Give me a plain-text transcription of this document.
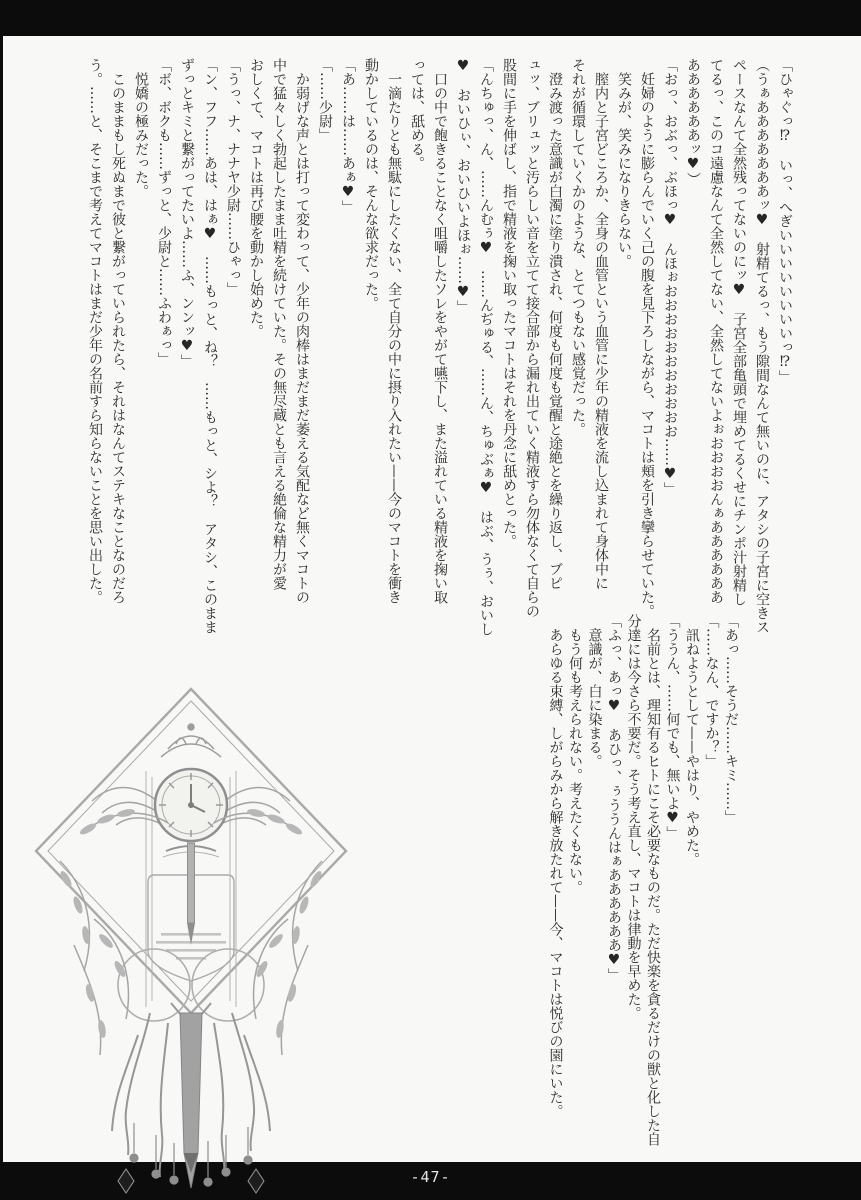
-47-

「ひゃぐっ⁉　いっ、へぎいいいいいいいいっ⁉」

（うぁあああああああッ♥　射精てるっ、もう隙間なんて無いのに、アタシの子宮に空きス

ペースなんて全然残ってないのにッ♥　子宮全部亀頭で埋めてるくせにチンポ汁射精し

てるっ、このコ遠慮なんて全然してない、全然してないよぉおおおおんぁああああああ

ああああああッ♥）

「おっ、おぶっ、ぶほっ♥　んほぉおおおおおおおおおおお……♥」

妊婦のように膨らんでいく己の腹を見下ろしながら、マコトは頬を引き攣らせていた。

笑みが、笑みになりきらない。

膣内と子宮どころか、全身の血管という血管に少年の精液を流し込まれて身体中に

それが循環していくかのような、とてつもない感覚だった。

澄み渡った意識が白濁に塗り潰され、何度も何度も覚醒と途絶とを繰り返し、ブピ

ュッ、ブリュッと汚らしい音を立てて接合部から漏れ出ていく精液すら勿体なくて自らの

股間に手を伸ばし、指で精液を掬い取ったマコトはそれを丹念に舐めとった。

「んちゅっ、ん、……んむぅ♥　……んぢゅる、……ん、ちゅぶぁ♥　はぶ、うぅ、おいし

♥　おいひぃ、おいひいよほぉ……♥」

口の中で飽きることなく咀嚼したソレをやがて嚥下し、また溢れている精液を掬い取

っては、舐める。

一滴たりとも無駄にしたくない、全て自分の中に摂り入れたい——今のマコトを衝き

動かしているのは、そんな欲求だった。

「あ……は……あぁ♥」

「……少尉」

か弱げな声とは打って変わって、少年の肉棒はまだまだ萎える気配など無くマコトの

中で猛々しく勃起したまま吐精を続けていた。その無尽蔵とも言える絶倫な精力が愛

おしくて、マコトは再び腰を動かし始めた。

「うっ、ナ、ナナヤ少尉……ひゃっ」

「ン、フフ……あは、はぁ♥　……もっと、ね？　……もっと、シよ？　アタシ、このまま

ずっとキミと繋がってたいよ……ふ、ンンッ♥」

「ボ、ボクも……ずっと、少尉と……ふわぁっ」

悦嬌の極みだった。

このままもし死ぬまで彼と繋がっていられたら、それはなんてステキなことなのだろ

う。……と、そこまで考えてマコトはまだ少年の名前すら知らないことを思い出した。

「あっ……そうだ……キミ……」

「……なん、ですか？」

訊ねようとして——やはり、やめた。

「ううん、……何でも、無いよ♥」

名前とは、理知有るヒトにこそ必要なものだ。ただ快楽を貪るだけの獣と化した自

分達には今さら不要だ。そう考え直し、マコトは律動を早めた。

「ふっ、あっ♥　あひっ、ぅううんはぁああああああ♥」

意識が、白に染まる。

もう何も考えられない。考えたくもない。

あらゆる束縛、しがらみから解き放たれて——今、マコトは悦びの園にいた。
